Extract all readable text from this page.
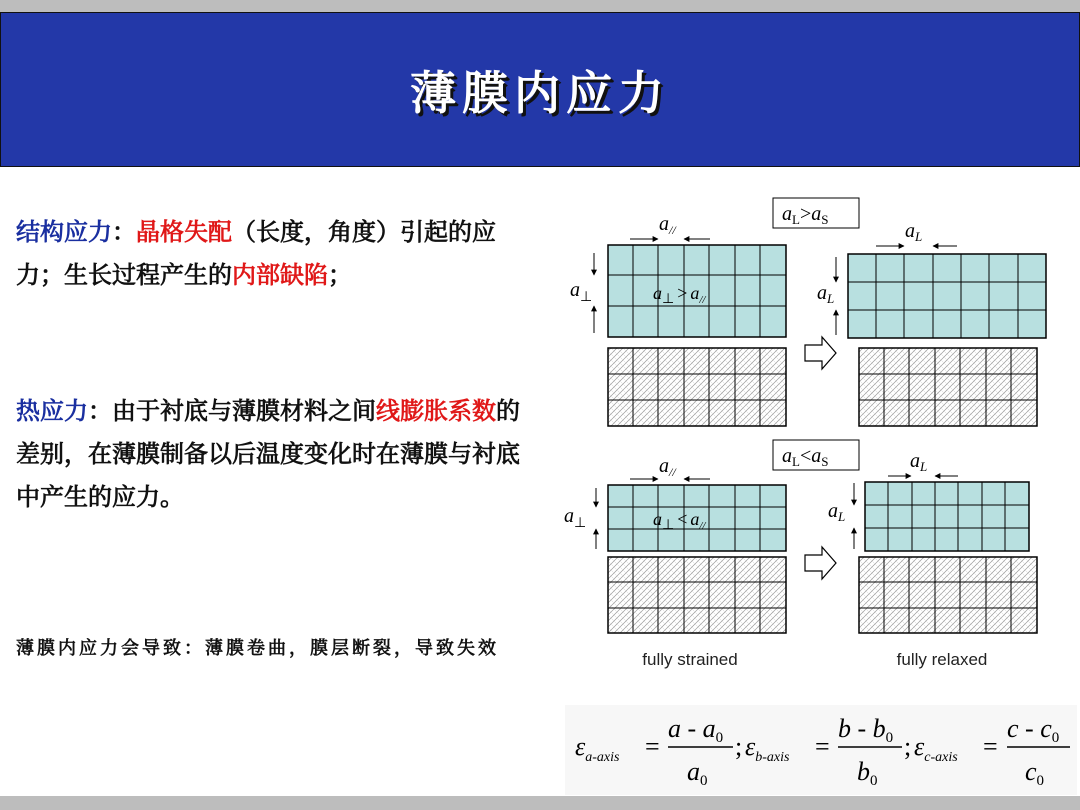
薄膜内应力
结构应力：晶格失配（长度，角度）引起的应力；生长过程产生的内部缺陷；
热应力：由于衬底与薄膜材料之间线膨胀系数的差别，在薄膜制备以后温度变化时在薄膜与衬底中产生的应力。
薄膜内应力会导致：薄膜卷曲，膜层断裂，导致失效
$a_L>a_S$
$a_{//}$
$a_\perp$	$a_\perp > a_{//}$
$a_L$
$a_L$
$a_L<a_S$
$a_{//}$
$a_\perp$	$a_\perp < a_{//}$
$a_L$
$a_L$
fully strained	fully relaxed
$\varepsilon_{a-axis}$ =
a - a0
a0
; $\varepsilon_{b-axis}$ =
b - b0
b0
; $\varepsilon_{c-axis}$ =
c - c0
c0
